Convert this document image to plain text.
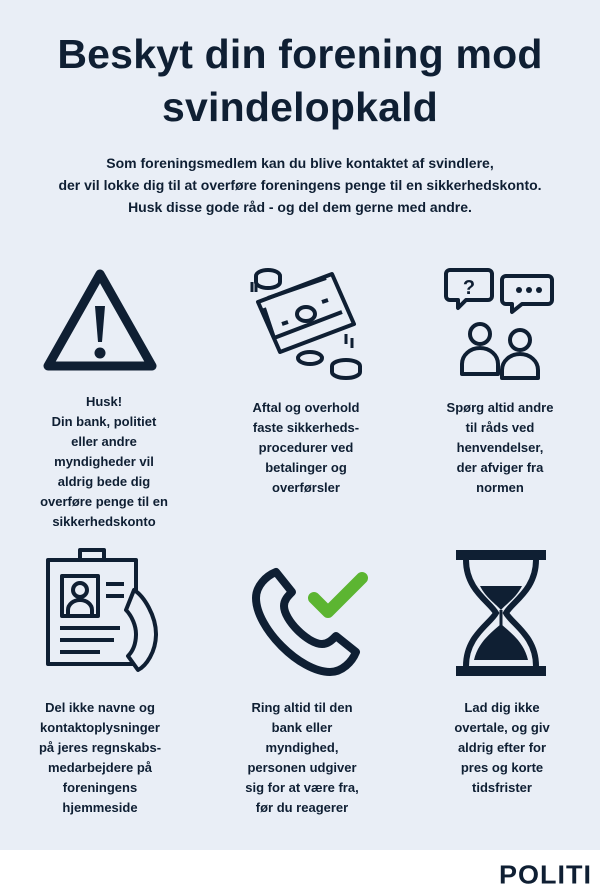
Beskyt din forening mod
svindelopkald
Som foreningsmedlem kan du blive kontaktet af svindlere,
der vil lokke dig til at overføre foreningens penge til en sikkerhedskonto.
Husk disse gode råd - og del dem gerne med andre.
?
Husk!
Din bank, politiet
eller andre
myndigheder vil
aldrig bede dig
overføre penge til en
sikkerhedskonto
Aftal og overhold
faste sikkerheds-
procedurer ved
betalinger og
overførsler
Spørg altid andre
til råds ved
henvendelser,
der afviger fra
normen
Del ikke navne og
kontaktoplysninger
på jeres regnskabs-
medarbejdere på
foreningens
hjemmeside
Ring altid til den
bank eller
myndighed,
personen udgiver
sig for at være fra,
før du reagerer
Lad dig ikke
overtale, og giv
aldrig efter for
pres og korte
tidsfrister
POLITI
